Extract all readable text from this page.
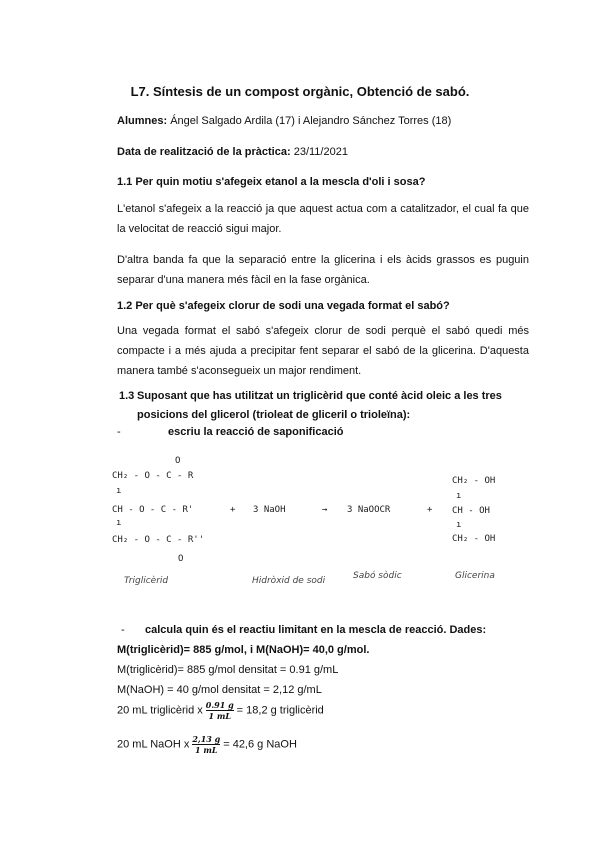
L7. Síntesis de un compost orgànic, Obtenció de sabó.

Alumnes: Ángel Salgado Ardila (17) i Alejandro Sánchez Torres (18)

Data de realització de la pràctica: 23/11/2021

1.1 Per quin motiu s'afegeix etanol a la mescla d'oli i sosa?

L'etanol s'afegeix a la reacció ja que aquest actua com a catalitzador, el cual fa que la velocitat de reacció sigui major.

D'altra banda fa que la separació entre la glicerina i els àcids grassos es puguin separar d'una manera més fàcil en la fase orgànica.

1.2 Per què s'afegeix clorur de sodi una vegada format el sabó?

Una vegada format el sabó s'afegeix clorur de sodi perquè el sabó quedi més compacte i a més ajuda a precipitar fent separar el sabó de la glicerina. D'aquesta manera també s'aconsegueix un major rendiment.

1.3 Suposant que has utilitzat un triglicèrid que conté àcid oleic a les tres posicions del glicerol (trioleat de gliceril o trioleïna):

-	escriu la reacció de saponificació

O
CH₂ - O - C - R
ı
CH - O - C - R'
ı
CH₂ - O - C - R''
O
+ 3 NaOH	→ 3 NaOOCR	+
CH₂ - OH
ı
CH - OH
ı
CH₂ - OH
Triglicèrid	Hidròxid de sodi	Sabó sòdic	Glicerina
- calcula quin és el reactiu limitant en la mescla de reacció. Dades:

M(triglicèrid)= 885 g/mol, i M(NaOH)= 40,0 g/mol.

M(triglicèrid)= 885 g/mol densitat = 0.91 g/mL

M(NaOH) = 40 g/mol densitat = 2,12 g/mL

20 mL triglicèrid x $\frac{0.91 g}{1 mL} = 18,2$ g triglicèrid

20 mL NaOH x $\frac{2,13 g}{1 mL} = 42,6$ g NaOH
